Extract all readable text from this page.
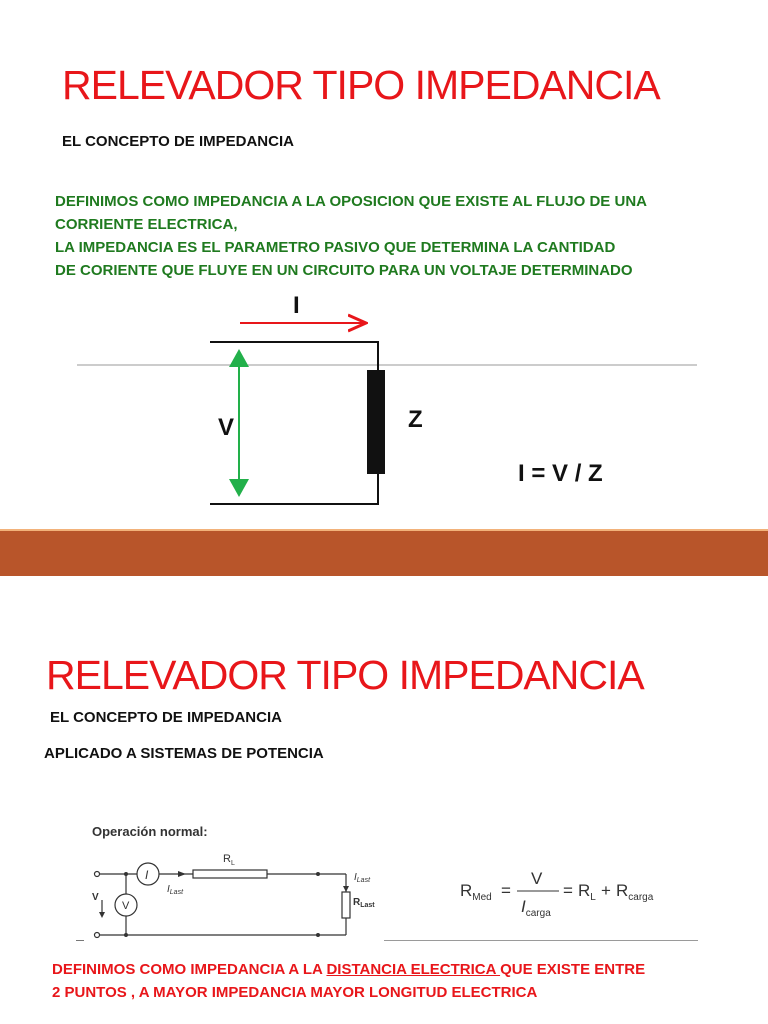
RELEVADOR TIPO IMPEDANCIA
EL CONCEPTO DE IMPEDANCIA
DEFINIMOS COMO IMPEDANCIA A LA OPOSICION QUE EXISTE AL FLUJO DE UNA
CORRIENTE ELECTRICA,
LA IMPEDANCIA ES EL PARAMETRO PASIVO QUE DETERMINA LA CANTIDAD
DE CORIENTE QUE FLUYE EN UN CIRCUITO PARA UN VOLTAJE DETERMINADO
I
V	Z
I = V / Z
RELEVADOR TIPO IMPEDANCIA
EL CONCEPTO DE IMPEDANCIA
APLICADO A SISTEMAS DE POTENCIA
Operación normal:
I
$R_L$
$I_{Last}$
$I_{Last}$
$R_{Last}$
V
V	$R_{Med}$ =
V
$I_{carga}$
= $R_L + R_{carga}$
DEFINIMOS COMO IMPEDANCIA A LA DISTANCIA ELECTRICA QUE EXISTE ENTRE
2 PUNTOS , A MAYOR IMPEDANCIA MAYOR LONGITUD ELECTRICA
